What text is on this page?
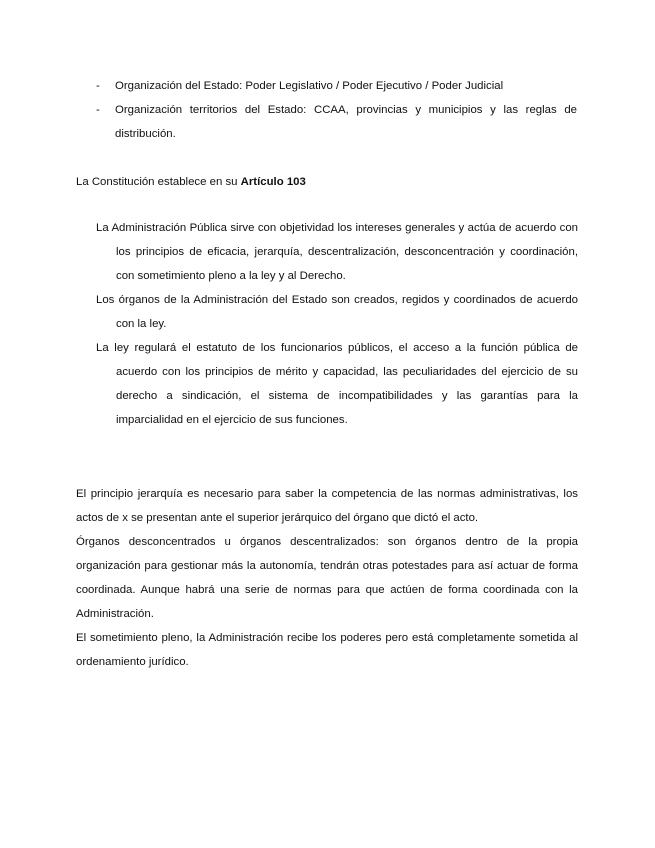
- Organización del Estado: Poder Legislativo / Poder Ejecutivo / Poder Judicial
- Organización territorios del Estado: CCAA, provincias y municipios y las reglas de distribución.
La Constitución establece en su Artículo 103
La Administración Pública sirve con objetividad los intereses generales y actúa de acuerdo con los principios de eficacia, jerarquía, descentralización, desconcentración y coordinación, con sometimiento pleno a la ley y al Derecho.
Los órganos de la Administración del Estado son creados, regidos y coordinados de acuerdo con la ley.
La ley regulará el estatuto de los funcionarios públicos, el acceso a la función pública de acuerdo con los principios de mérito y capacidad, las peculiaridades del ejercicio de su derecho a sindicación, el sistema de incompatibilidades y las garantías para la imparcialidad en el ejercicio de sus funciones.

El principio jerarquía es necesario para saber la competencia de las normas administrativas, los actos de x se presentan ante el superior jerárquico del órgano que dictó el acto.

Órganos desconcentrados u órganos descentralizados: son órganos dentro de la propia organización para gestionar más la autonomía, tendrán otras potestades para así actuar de forma coordinada. Aunque habrá una serie de normas para que actúen de forma coordinada con la Administración.

El sometimiento pleno, la Administración recibe los poderes pero está completamente sometida al ordenamiento jurídico.
